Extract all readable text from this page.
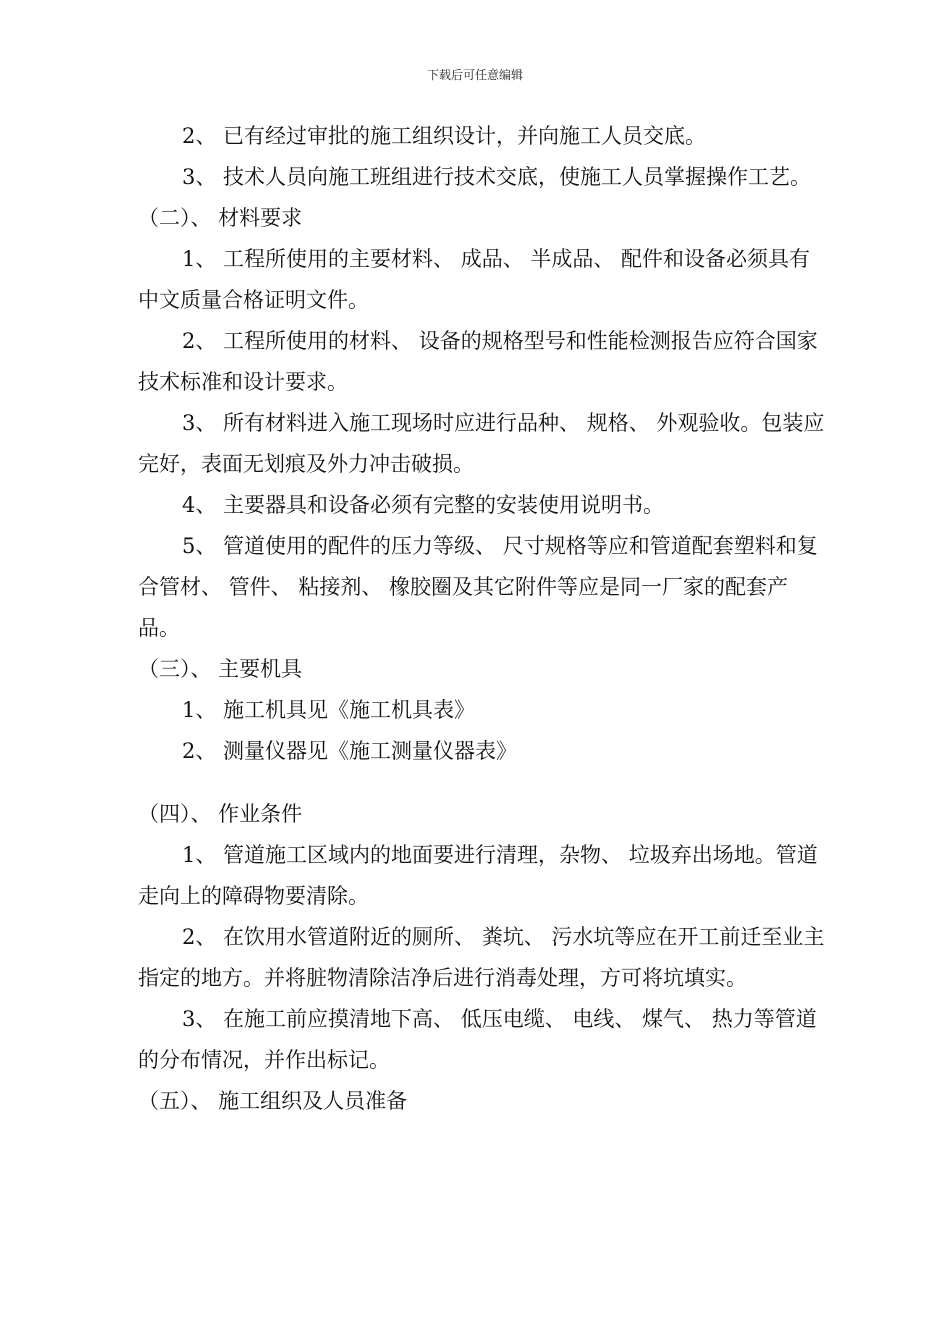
下载后可任意编辑

2、 已有经过审批的施工组织设计，并向施工人员交底。

3、 技术人员向施工班组进行技术交底，使施工人员掌握操作工艺。

（二）、 材料要求

1、 工程所使用的主要材料、 成品、 半成品、 配件和设备必须具有中文质量合格证明文件。

2、 工程所使用的材料、 设备的规格型号和性能检测报告应符合国家技术标准和设计要求。

3、 所有材料进入施工现场时应进行品种、 规格、 外观验收。包装应完好，表面无划痕及外力冲击破损。

4、 主要器具和设备必须有完整的安装使用说明书。

5、 管道使用的配件的压力等级、 尺寸规格等应和管道配套塑料和复合管材、 管件、 粘接剂、 橡胶圈及其它附件等应是同一厂家的配套产品。

（三）、 主要机具

1、 施工机具见《施工机具表》

2、 测量仪器见《施工测量仪器表》

（四）、 作业条件

1、 管道施工区域内的地面要进行清理，杂物、 垃圾弃出场地。管道走向上的障碍物要清除。

2、 在饮用水管道附近的厕所、 粪坑、 污水坑等应在开工前迁至业主指定的地方。并将脏物清除洁净后进行消毒处理，方可将坑填实。

3、 在施工前应摸清地下高、 低压电缆、 电线、 煤气、 热力等管道的分布情况，并作出标记。

（五）、 施工组织及人员准备
